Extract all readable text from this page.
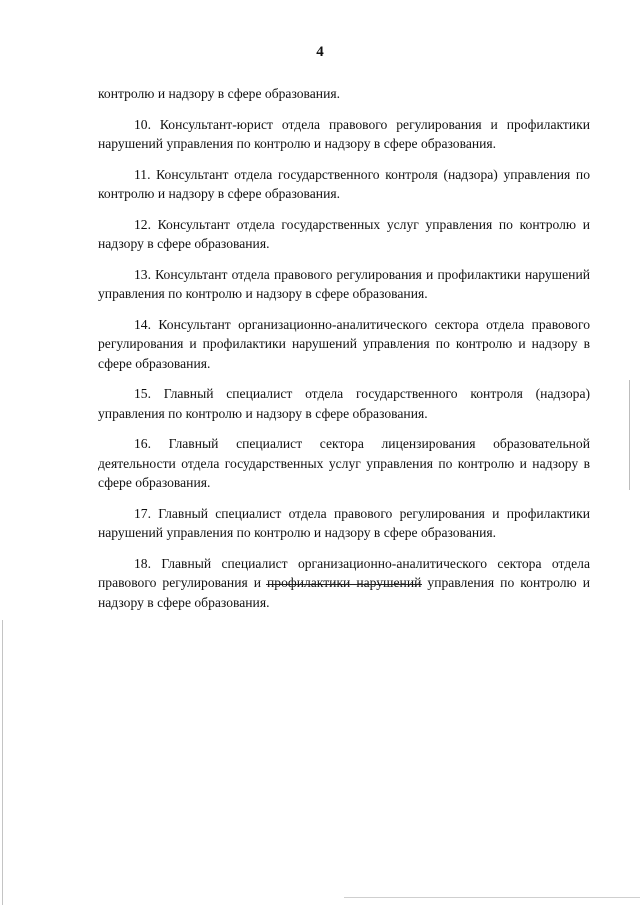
4

контролю и надзору в сфере образования.

10. Консультант-юрист отдела правового регулирования и профилактики нарушений управления по контролю и надзору в сфере образования.

11. Консультант отдела государственного контроля (надзора) управления по контролю и надзору в сфере образования.

12. Консультант отдела государственных услуг управления по контролю и надзору в сфере образования.

13. Консультант отдела правового регулирования и профилактики нарушений управления по контролю и надзору в сфере образования.

14. Консультант организационно-аналитического сектора отдела правового регулирования и профилактики нарушений управления по контролю и надзору в сфере образования.

15. Главный специалист отдела государственного контроля (надзора) управления по контролю и надзору в сфере образования.

16. Главный специалист сектора лицензирования образовательной деятельности отдела государственных услуг управления по контролю и надзору в сфере образования.

17. Главный специалист отдела правового регулирования и профилактики нарушений управления по контролю и надзору в сфере образования.

18. Главный специалист организационно-аналитического сектора отдела правового регулирования и профилактики нарушений управления по контролю и надзору в сфере образования.
